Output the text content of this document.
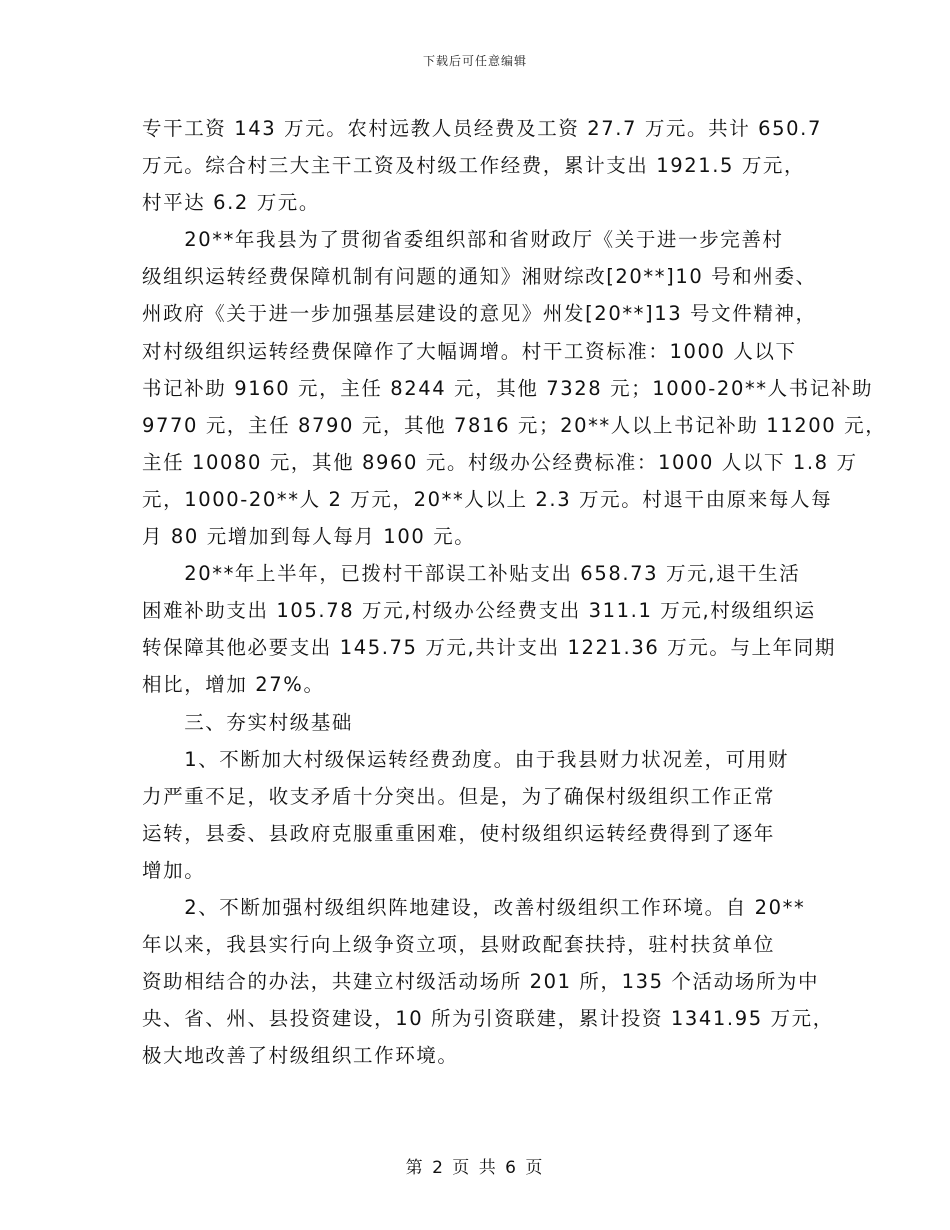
下载后可任意编辑
专干工资 143 万元。农村远教人员经费及工资 27.7 万元。共计 650.7
万元。综合村三大主干工资及村级工作经费，累计支出 1921.5 万元，
村平达 6.2 万元。
　　20**年我县为了贯彻省委组织部和省财政厅《关于进一步完善村
级组织运转经费保障机制有问题的通知》湘财综改[20**]10 号和州委、
州政府《关于进一步加强基层建设的意见》州发[20**]13 号文件精神，
对村级组织运转经费保障作了大幅调增。村干工资标准：1000 人以下
书记补助 9160 元，主任 8244 元，其他 7328 元；1000-20**人书记补助
9770 元，主任 8790 元，其他 7816 元；20**人以上书记补助 11200 元，
主任 10080 元，其他 8960 元。村级办公经费标准：1000 人以下 1.8 万
元，1000-20**人 2 万元，20**人以上 2.3 万元。村退干由原来每人每
月 80 元增加到每人每月 100 元。
　　20**年上半年，已拨村干部误工补贴支出 658.73 万元,退干生活
困难补助支出 105.78 万元,村级办公经费支出 311.1 万元,村级组织运
转保障其他必要支出 145.75 万元,共计支出 1221.36 万元。与上年同期
相比，增加 27%。
　　三、夯实村级基础
　　1、不断加大村级保运转经费劲度。由于我县财力状况差，可用财
力严重不足，收支矛盾十分突出。但是，为了确保村级组织工作正常
运转，县委、县政府克服重重困难，使村级组织运转经费得到了逐年
增加。
　　2、不断加强村级组织阵地建设，改善村级组织工作环境。自 20**
年以来，我县实行向上级争资立项，县财政配套扶持，驻村扶贫单位
资助相结合的办法，共建立村级活动场所 201 所，135 个活动场所为中
央、省、州、县投资建设，10 所为引资联建，累计投资 1341.95 万元，
极大地改善了村级组织工作环境。
第 2 页 共 6 页
